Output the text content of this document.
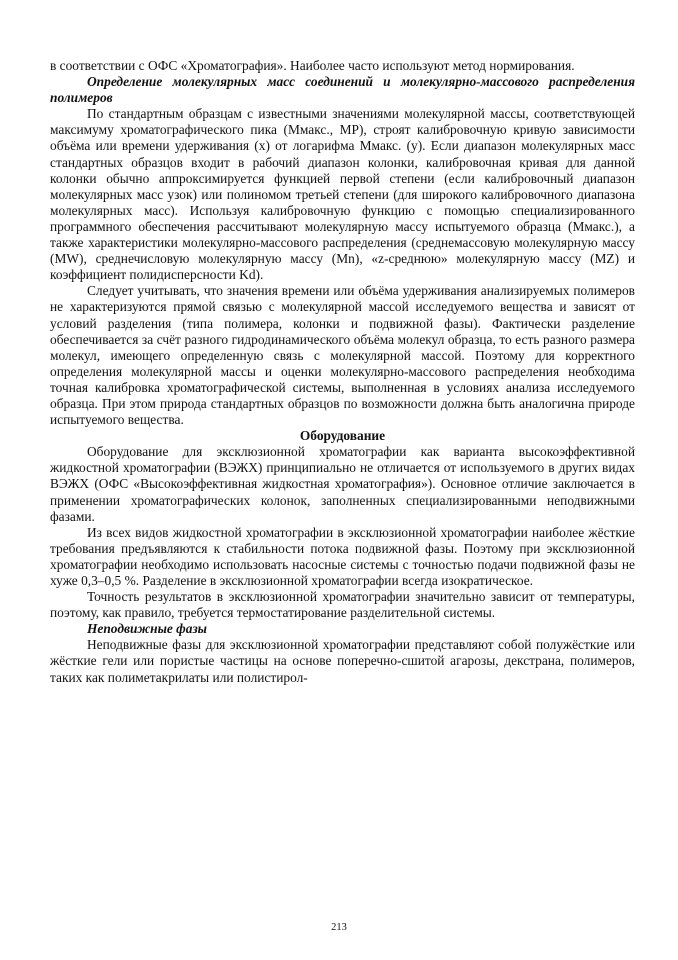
в соответствии с ОФС «Хроматография». Наиболее часто используют метод нормирования.

Определение молекулярных масс соединений и молекулярно-массового распределения полимеров

По стандартным образцам с известными значениями молекулярной массы, соответствующей максимуму хроматографического пика (Ммакс., МР), строят калибровочную кривую зависимости объёма или времени удерживания (x) от логарифма Ммакс. (y). Если диапазон молекулярных масс стандартных образцов входит в рабочий диапазон колонки, калибровочная кривая для данной колонки обычно аппроксимируется функцией первой степени (если калибровочный диапазон молекулярных масс узок) или полиномом третьей степени (для широкого калибровочного диапазона молекулярных масс). Используя калибровочную функцию с помощью специализированного программного обеспечения рассчитывают молекулярную массу испытуемого образца (Ммакс.), а также характеристики молекулярно-массового распределения (среднемассовую молекулярную массу (MW), среднечисловую молекулярную массу (Mn), «z-среднюю» молекулярную массу (MZ) и коэффициент полидисперсности Kd).

Следует учитывать, что значения времени или объёма удерживания анализируемых полимеров не характеризуются прямой связью с молекулярной массой исследуемого вещества и зависят от условий разделения (типа полимера, колонки и подвижной фазы). Фактически разделение обеспечивается за счёт разного гидродинамического объёма молекул образца, то есть разного размера молекул, имеющего определенную связь с молекулярной массой. Поэтому для корректного определения молекулярной массы и оценки молекулярно-массового распределения необходима точная калибровка хроматографической системы, выполненная в условиях анализа исследуемого образца. При этом природа стандартных образцов по возможности должна быть аналогична природе испытуемого вещества.

Оборудование

Оборудование для эксклюзионной хроматографии как варианта высокоэффективной жидкостной хроматографии (ВЭЖХ) принципиально не отличается от используемого в других видах ВЭЖХ (ОФС «Высокоэффективная жидкостная хроматография»). Основное отличие заключается в применении хроматографических колонок, заполненных специализированными неподвижными фазами.

Из всех видов жидкостной хроматографии в эксклюзионной хроматографии наиболее жёсткие требования предъявляются к стабильности потока подвижной фазы. Поэтому при эксклюзионной хроматографии необходимо использовать насосные системы с точностью подачи подвижной фазы не хуже 0,3–0,5 %. Разделение в эксклюзионной хроматографии всегда изократическое.

Точность результатов в эксклюзионной хроматографии значительно зависит от температуры, поэтому, как правило, требуется термостатирование разделительной системы.

Неподвижные фазы

Неподвижные фазы для эксклюзионной хроматографии представляют собой полужёсткие или жёсткие гели или пористые частицы на основе поперечно-сшитой агарозы, декстрана, полимеров, таких как полиметакрилаты или полистирол-

213
